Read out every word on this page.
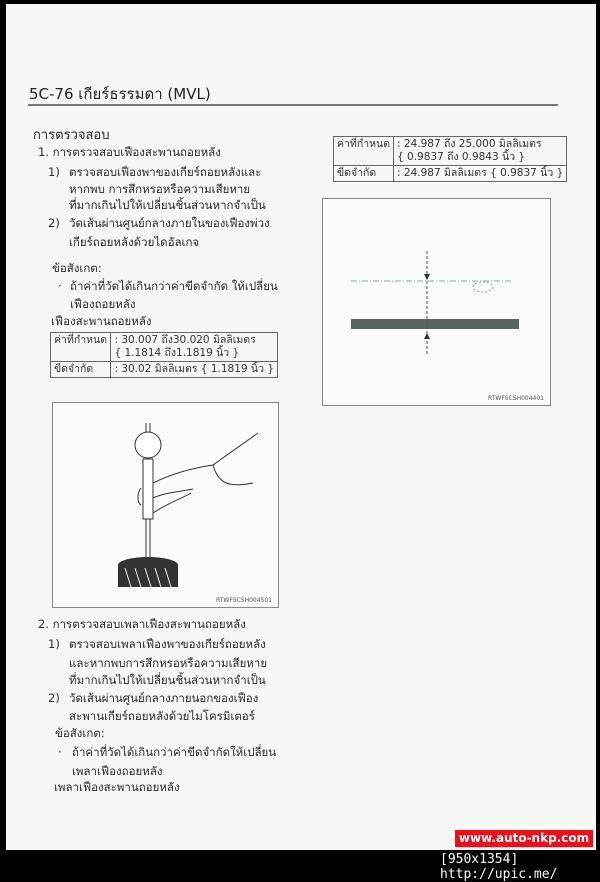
5C-76 เกียร์ธรรมดา (MVL)
การตรวจสอบ
1. การตรวจสอบเฟืองสะพานถอยหลัง
1) ตรวจสอบเฟืองพาของเกียร์ถอยหลังและ
หากพบ การสึกหรอหรือความเสียหาย
ที่มากเกินไปให้เปลี่ยนชิ้นส่วนหากจำเป็น
2) วัดเส้นผ่านศูนย์กลางภายในของเฟืองพ่วง
เกียร์ถอยหลังด้วยไดอัลเกจ
ข้อสังเกต:
· ถ้าค่าที่วัดได้เกินกว่าค่าขีดจำกัด ให้เปลี่ยน
เฟืองถอยหลัง
เฟืองสะพานถอยหลัง
ค่าที่กำหนด	: 30.007 ถึง30.020 มิลลิเมตร
{ 1.1814 ถึง1.1819 นิ้ว }

ขีดจำกัด	: 30.02 มิลลิเมตร { 1.1819 นิ้ว }
RTWF5CSH004501
ค่าที่กำหนด	: 24.987 ถึง 25.000 มิลลิเมตร
{ 0.9837 ถึง 0.9843 นิ้ว }

ขีดจำกัด	: 24.987 มิลลิเมตร { 0.9837 นิ้ว }
RTWF5CSH004401
2. การตรวจสอบเพลาเฟืองสะพานถอยหลัง
1) ตรวจสอบเพลาเฟืองพาของเกียร์ถอยหลัง
และหากพบการสึกหรอหรือความเสียหาย
ที่มากเกินไปให้เปลี่ยนชิ้นส่วนหากจำเป็น
2) วัดเส้นผ่านศูนย์กลางภายนอกของเฟือง
สะพานเกียร์ถอยหลังด้วยไมโครมิเตอร์
ข้อสังเกต:
· ถ้าค่าที่วัดได้เกินกว่าค่าขีดจำกัดให้เปลี่ยน
เพลาเฟืองถอยหลัง
เพลาเฟืองสะพานถอยหลัง
www.auto-nkp.com
[950x1354] http://upic.me/
